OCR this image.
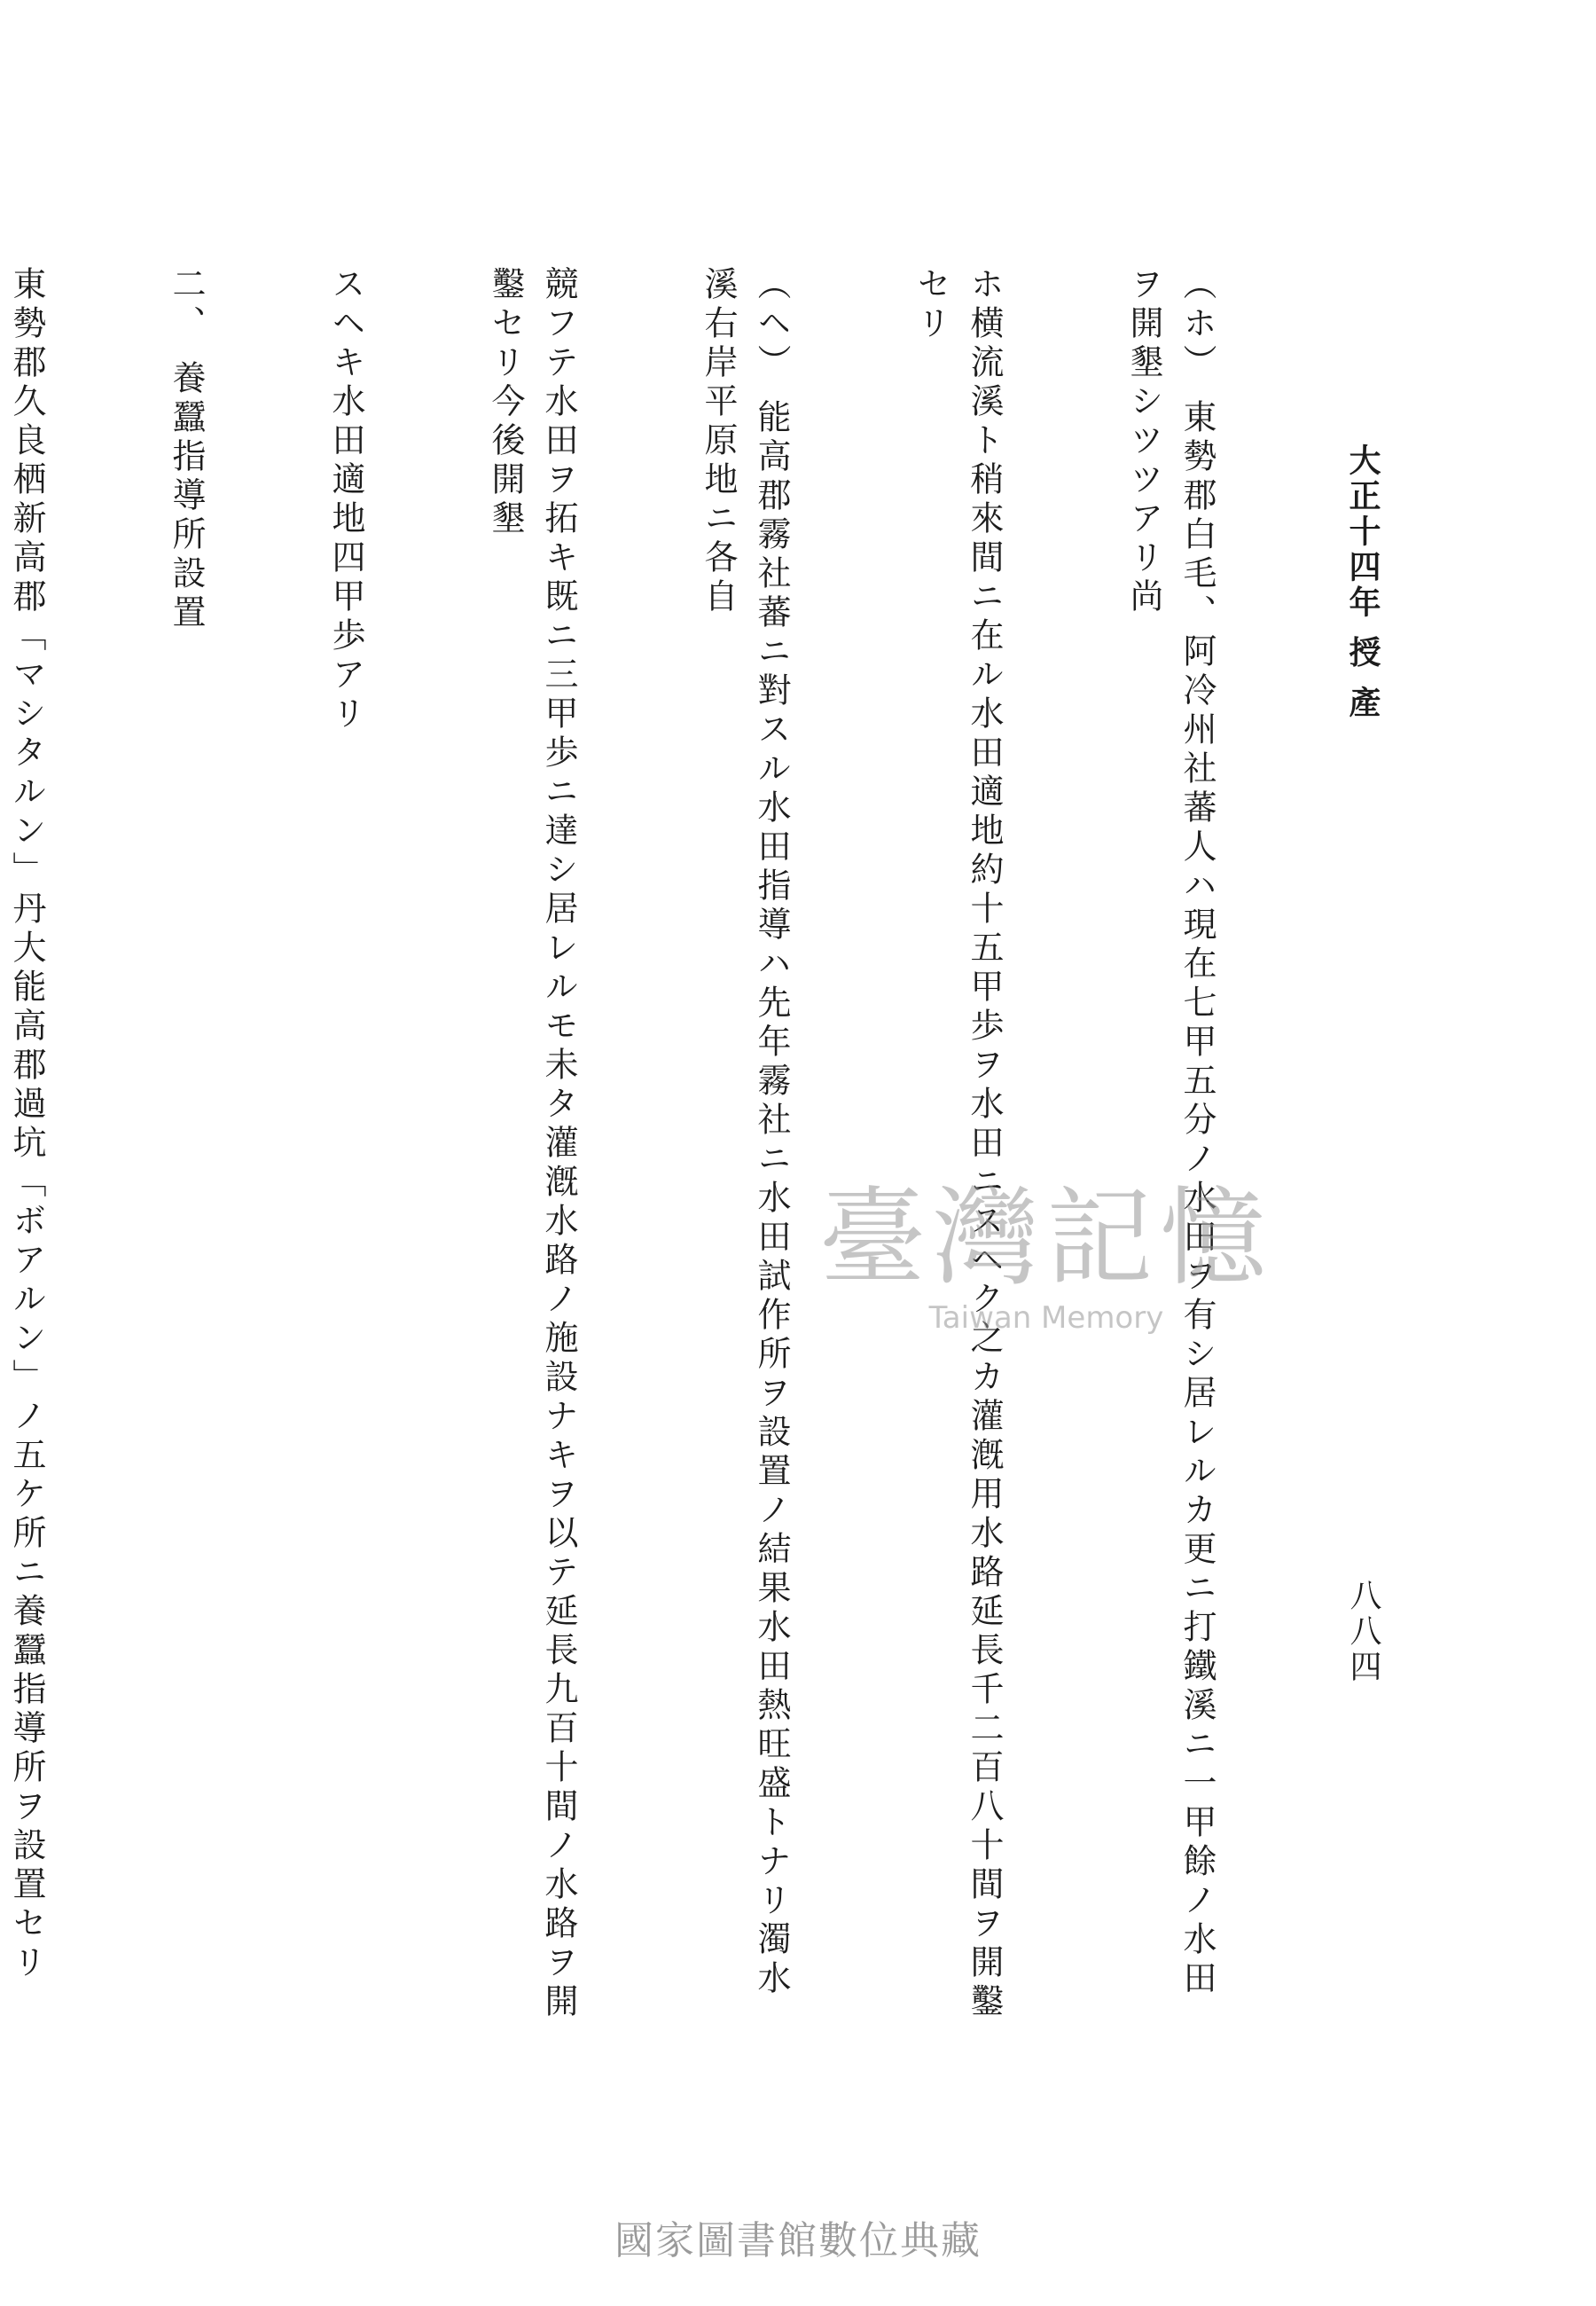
大正十四年 授 產
八八四

（ホ） 東勢郡白毛、阿冷州社蕃人ハ現在七甲五分ノ水田ヲ有シ居レルカ更ニ打鐵溪ニ一甲餘ノ水田ヲ開墾シツツアリ尚

ホ横流溪ト稍來間ニ在ル水田適地約十五甲歩ヲ水田ニスヘク之カ灌漑用水路延長千二百八十間ヲ開鑿セリ

（ヘ） 能高郡霧社蕃ニ對スル水田指導ハ先年霧社ニ水田試作所ヲ設置ノ結果水田熱旺盛トナリ濁水溪右岸平原地ニ各自

競フテ水田ヲ拓キ既ニ三甲歩ニ達シ居レルモ未タ灌漑水路ノ施設ナキヲ以テ延長九百十間ノ水路ヲ開鑿セリ今後開墾

スヘキ水田適地四甲歩アリ

二、 養蠶指導所設置

東勢郡久良栖新高郡「マシタルン」丹大能高郡過坑「ボアルン」ノ五ケ所ニ養蠶指導所ヲ設置セリ

	臺灣記憶
Taiwan Memory
國家圖書館數位典藏
